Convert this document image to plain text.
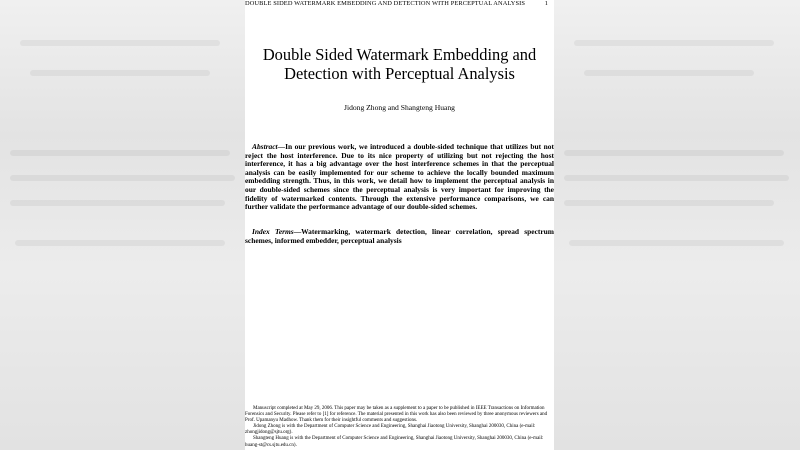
DOUBLE SIDED WATERMARK EMBEDDING AND DETECTION WITH PERCEPTUAL ANALYSIS	1
Double Sided Watermark Embedding and Detection with Perceptual Analysis
Jidong Zhong and Shangteng Huang
Abstract—In our previous work, we introduced a double-sided technique that utilizes but not reject the host interference. Due to its nice property of utilizing but not rejecting the host interference, it has a big advantage over the host interference schemes in that the perceptual analysis can be easily implemented for our scheme to achieve the locally bounded maximum embedding strength. Thus, in this work, we detail how to implement the perceptual analysis in our double-sided schemes since the perceptual analysis is very important for improving the fidelity of watermarked contents. Through the extensive performance comparisons, we can further validate the performance advantage of our double-sided schemes.
Index Terms—Watermarking, watermark detection, linear correlation, spread spectrum schemes, informed embedder, perceptual analysis

Manuscript completed at May 29, 2006. This paper may be taken as a supplement to a paper to be published in IEEE Transactions on Information Forensics and Security. Please refer to [1] for reference. The material presented in this work has also been reviewed by three anonymous reviewers and Prof. Upamanyu Madhow. Thank them for their insightful comments and suggestions.

Jidong Zhong is with the Department of Computer Science and Engineering, Shanghai Jiaotong University, Shanghai 200030, China (e-mail: zhongjidong@sjtu.org).

Shangteng Huang is with the Department of Computer Science and Engineering, Shanghai Jiaotong University, Shanghai 200030, China (e-mail: huang-st@cs.sjtu.edu.cn).
